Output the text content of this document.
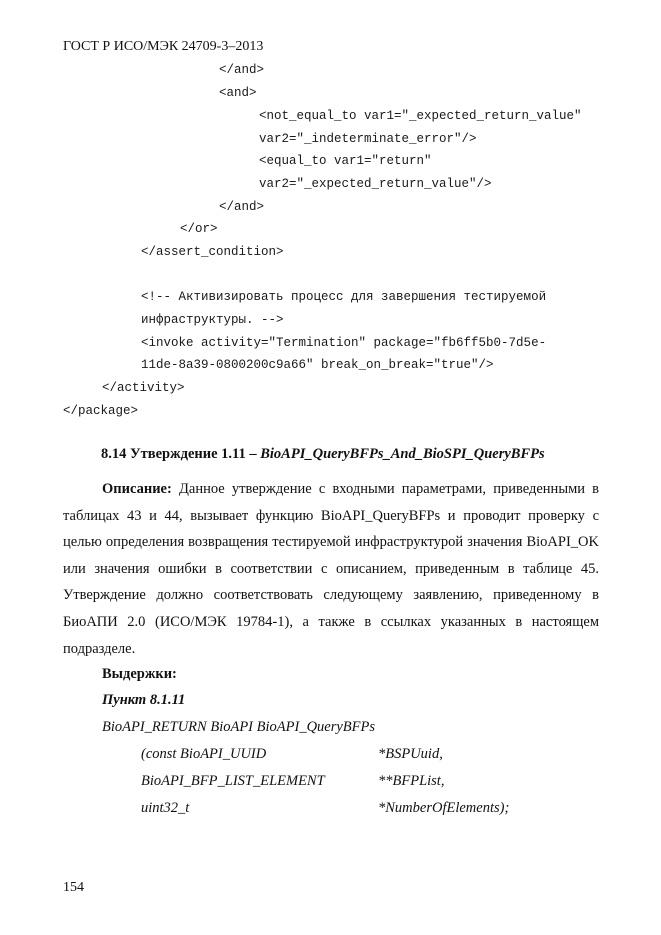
ГОСТ Р ИСО/МЭК 24709-3–2013
</and>
<and>
<not_equal_to var1="_expected_return_value"
var2="_indeterminate_error"/>
<equal_to var1="return"
var2="_expected_return_value"/>
</and>
</or>
</assert_condition>
<!-- Активизировать процесс для завершения тестируемой
инфраструктуры. -->
<invoke activity="Termination" package="fb6ff5b0-7d5e-
11de-8a39-0800200c9a66" break_on_break="true"/>
</activity>
</package>
8.14 Утверждение 1.11 – BioAPI_QueryBFPs_And_BioSPI_QueryBFPs
Описание: Данное утверждение с входными параметрами, приведенными в таблицах 43 и 44, вызывает функцию BioAPI_QueryBFPs и проводит проверку с целью определения возвращения тестируемой инфраструктурой значения BioAPI_OK или значения ошибки в соответствии с описанием, приведенным в таблице 45. Утверждение должно соответствовать следующему заявлению, приведенному в БиоАПИ 2.0 (ИСО/МЭК 19784-1), а также в ссылках указанных в настоящем подразделе.
Выдержки:
Пункт 8.1.11
BioAPI_RETURN BioAPI BioAPI_QueryBFPs
(const BioAPI_UUID	*BSPUuid,
BioAPI_BFP_LIST_ELEMENT	**BFPList,
uint32_t	*NumberOfElements);
154
